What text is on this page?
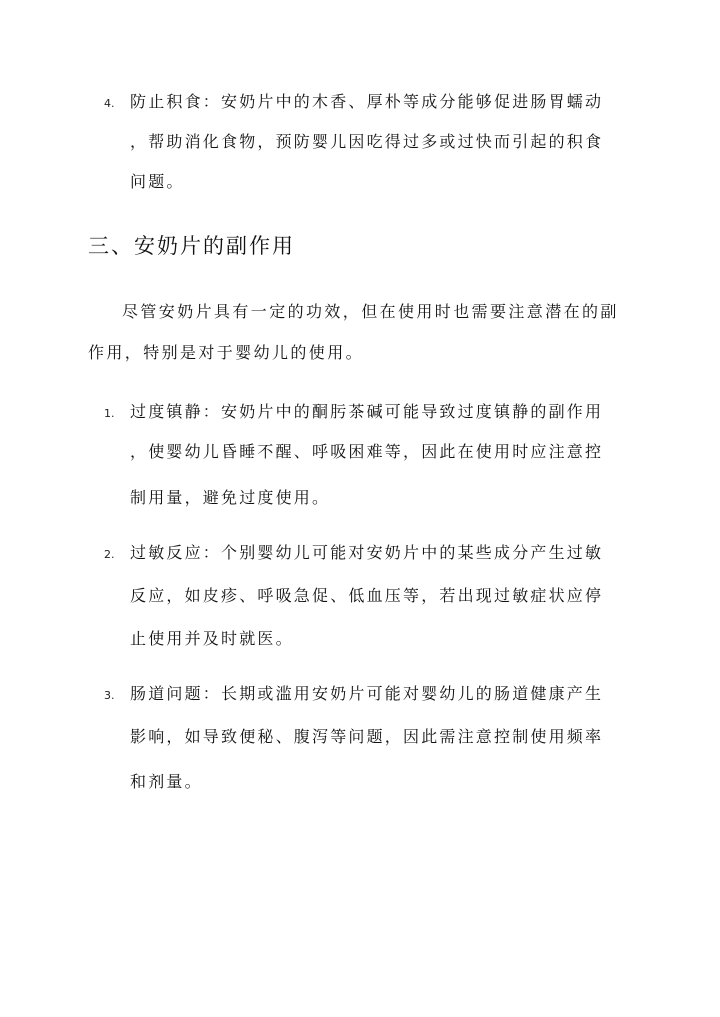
4. 防止积食：安奶片中的木香、厚朴等成分能够促进肠胃蠕动
，帮助消化食物，预防婴儿因吃得过多或过快而引起的积食
问题。
三、安奶片的副作用
尽管安奶片具有一定的功效，但在使用时也需要注意潜在的副
作用，特别是对于婴幼儿的使用。
1. 过度镇静：安奶片中的酮肟茶碱可能导致过度镇静的副作用
，使婴幼儿昏睡不醒、呼吸困难等，因此在使用时应注意控
制用量，避免过度使用。
2. 过敏反应：个别婴幼儿可能对安奶片中的某些成分产生过敏
反应，如皮疹、呼吸急促、低血压等，若出现过敏症状应停
止使用并及时就医。
3. 肠道问题：长期或滥用安奶片可能对婴幼儿的肠道健康产生
影响，如导致便秘、腹泻等问题，因此需注意控制使用频率
和剂量。
